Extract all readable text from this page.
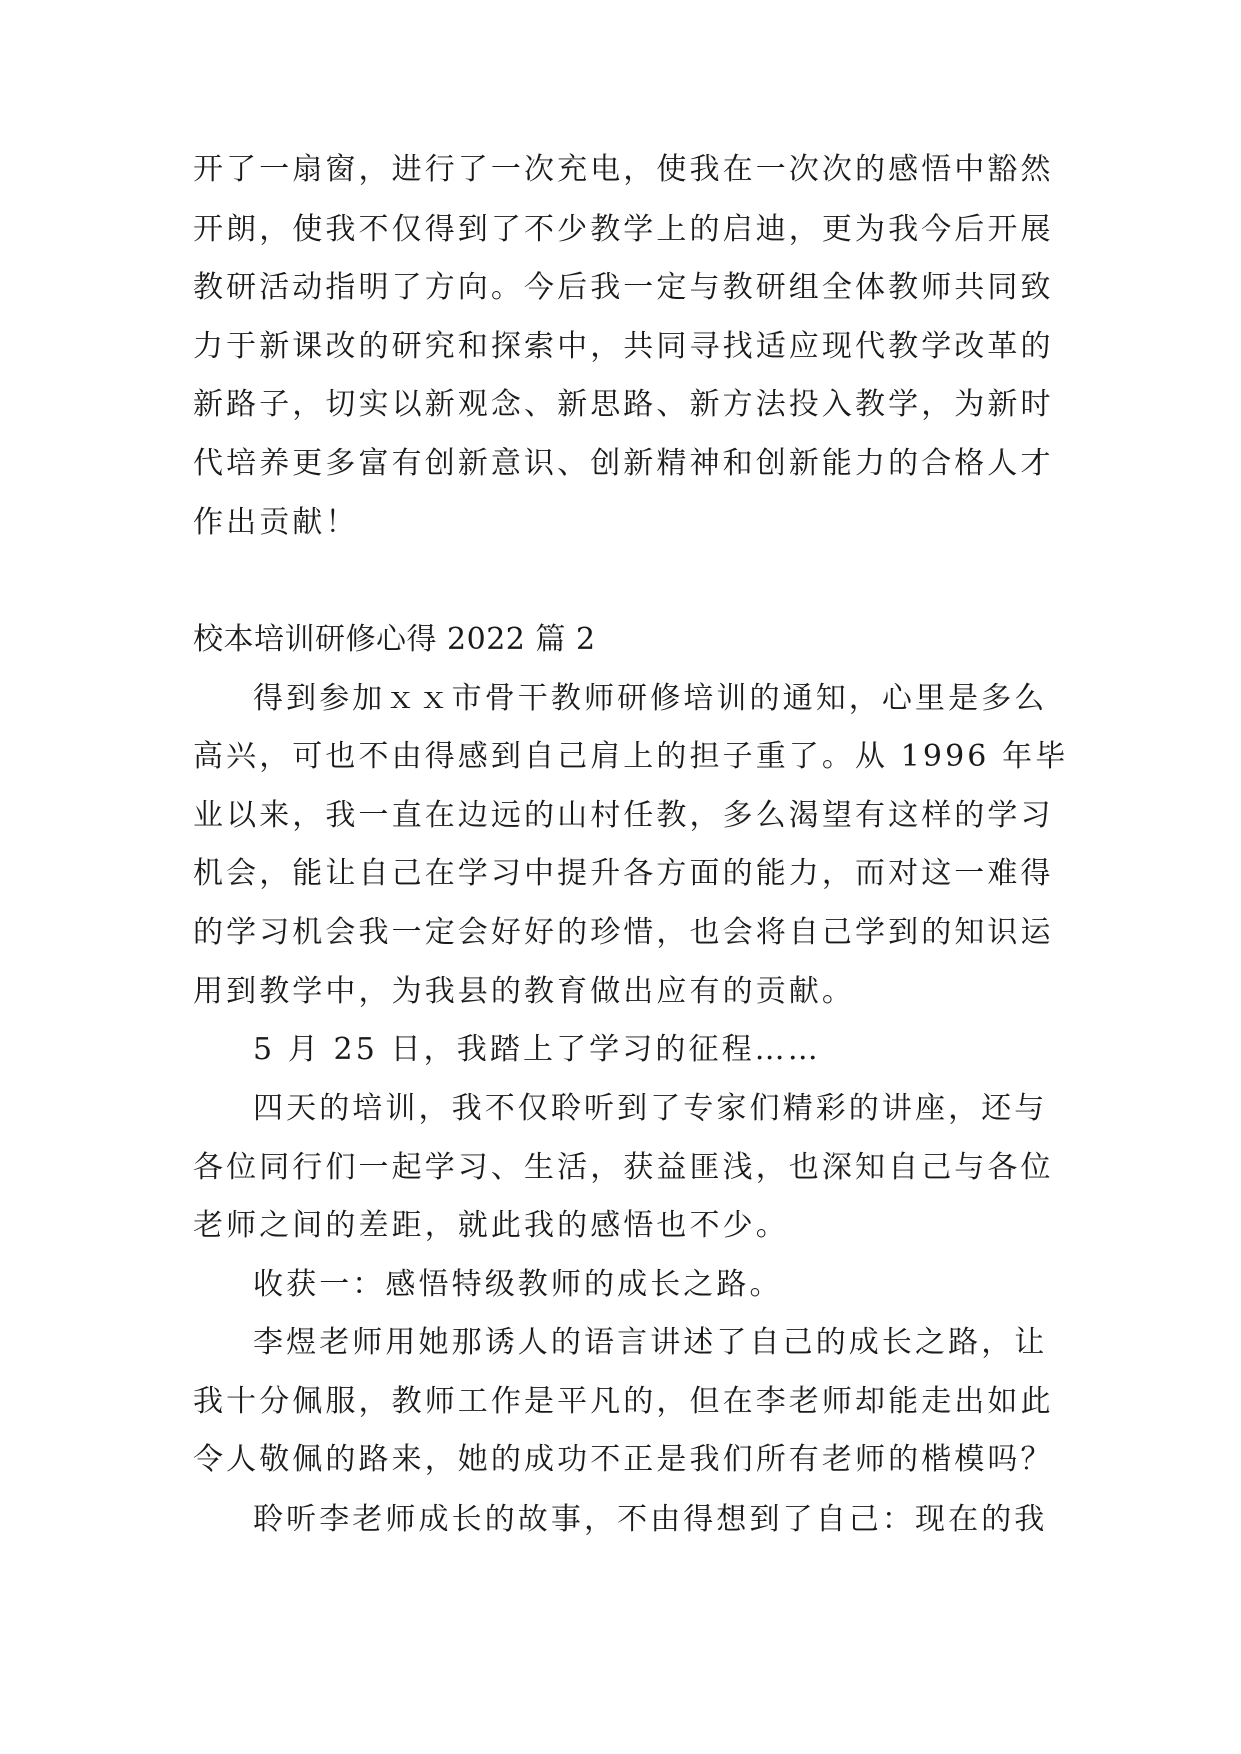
开了一扇窗，进行了一次充电，使我在一次次的感悟中豁然
开朗，使我不仅得到了不少教学上的启迪，更为我今后开展
教研活动指明了方向。今后我一定与教研组全体教师共同致
力于新课改的研究和探索中，共同寻找适应现代教学改革的
新路子，切实以新观念、新思路、新方法投入教学，为新时
代培养更多富有创新意识、创新精神和创新能力的合格人才
作出贡献！
校本培训研修心得 2022 篇 2
得到参加ｘｘ市骨干教师研修培训的通知，心里是多么
高兴，可也不由得感到自己肩上的担子重了。从 1996 年毕
业以来，我一直在边远的山村任教，多么渴望有这样的学习
机会，能让自己在学习中提升各方面的能力，而对这一难得
的学习机会我一定会好好的珍惜，也会将自己学到的知识运
用到教学中，为我县的教育做出应有的贡献。
5 月 25 日，我踏上了学习的征程……
四天的培训，我不仅聆听到了专家们精彩的讲座，还与
各位同行们一起学习、生活，获益匪浅，也深知自己与各位
老师之间的差距，就此我的感悟也不少。
收获一：感悟特级教师的成长之路。
李煜老师用她那诱人的语言讲述了自己的成长之路，让
我十分佩服，教师工作是平凡的，但在李老师却能走出如此
令人敬佩的路来，她的成功不正是我们所有老师的楷模吗？
聆听李老师成长的故事，不由得想到了自己：现在的我
